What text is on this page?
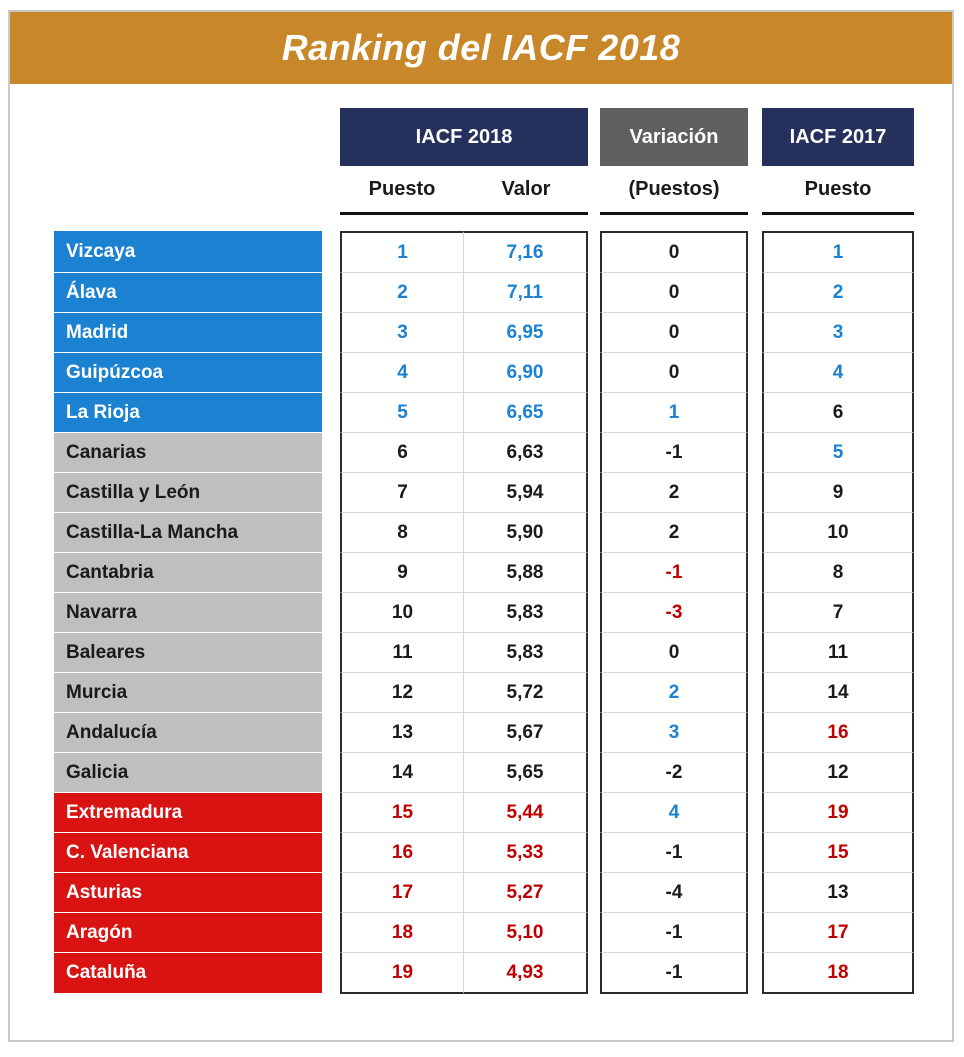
Ranking del IACF 2018
		IACF 2018			Variación		IACF 2017
		Puesto	Valor		(Puestos)		Puesto

Vizcaya		1	7,16		0		1
Álava		2	7,11		0		2
Madrid		3	6,95		0		3
Guipúzcoa		4	6,90		0		4
La Rioja		5	6,65		1		6
Canarias		6	6,63		-1		5
Castilla y León		7	5,94		2		9
Castilla-La Mancha		8	5,90		2		10
Cantabria		9	5,88		-1		8
Navarra		10	5,83		-3		7
Baleares		11	5,83		0		11
Murcia		12	5,72		2		14
Andalucía		13	5,67		3		16
Galicia		14	5,65		-2		12
Extremadura		15	5,44		4		19
C. Valenciana		16	5,33		-1		15
Asturias		17	5,27		-4		13
Aragón		18	5,10		-1		17
Cataluña		19	4,93		-1		18
